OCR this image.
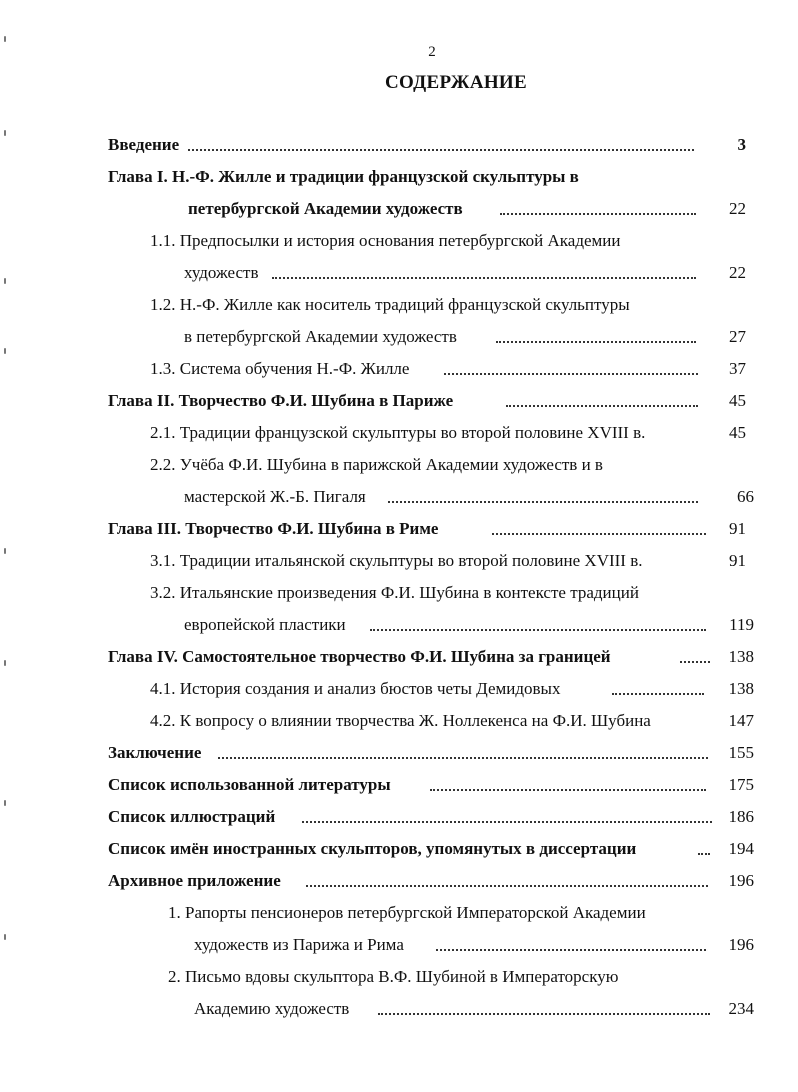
2
СОДЕРЖАНИЕ
Введение	3
Глава I. Н.-Ф. Жилле и традиции французской скульптуры в
петербургской Академии художеств	22
1.1. Предпосылки и история основания петербургской Академии
художеств	22
1.2. Н.-Ф. Жилле как носитель традиций французской скульптуры
в петербургской Академии художеств	27
1.3. Система обучения Н.-Ф. Жилле	37
Глава II. Творчество Ф.И. Шубина в Париже	45
2.1. Традиции французской скульптуры во второй половине XVIII в.	45
2.2. Учёба Ф.И. Шубина в парижской Академии художеств и в
мастерской Ж.-Б. Пигаля	66
Глава III. Творчество Ф.И. Шубина в Риме	91
3.1. Традиции итальянской скульптуры во второй половине XVIII в.	91
3.2. Итальянские произведения Ф.И. Шубина в контексте традиций
европейской пластики	119
Глава IV. Самостоятельное творчество Ф.И. Шубина за границей	138
4.1. История создания и анализ бюстов четы Демидовых	138
4.2. К вопросу о влиянии творчества Ж. Ноллекенса на Ф.И. Шубина	147
Заключение	155
Список использованной литературы	175
Список иллюстраций	186
Список имён иностранных скульпторов, упомянутых в диссертации	194
Архивное приложение	196
1. Рапорты пенсионеров петербургской Императорской Академии
художеств из Парижа и Рима	196
2. Письмо вдовы скульптора В.Ф. Шубиной в Императорскую
Академию художеств	234
